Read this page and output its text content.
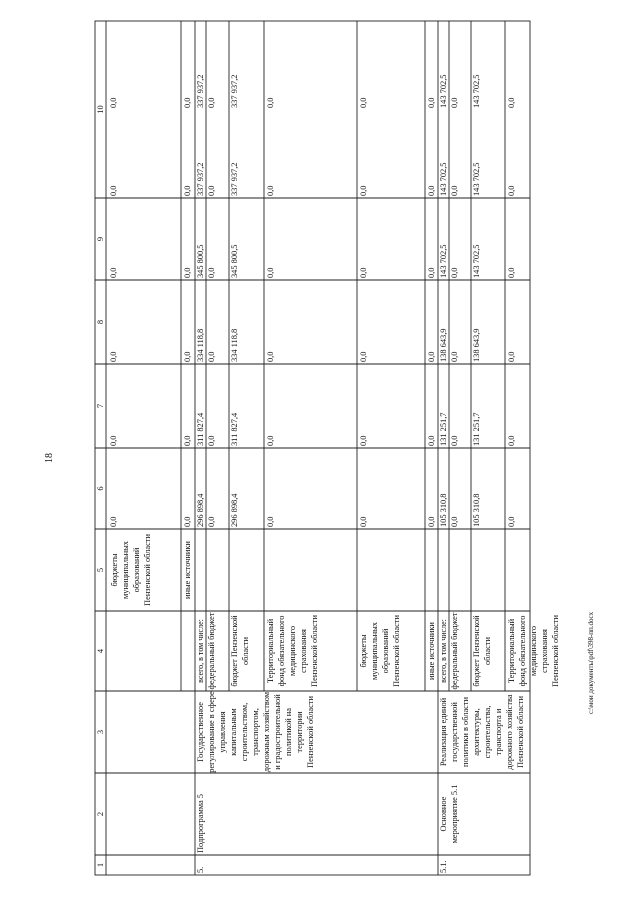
18
c:\мои документы\pdf\398-пп.docx
1
2
3
4
5
6
7
8
9
10
бюджеты муниципальных образований Пензенской области
0,0
0,0
0,0
0,0
0,0
0,0
иные источники
0,0
0,0
0,0
0,0
0,0
0,0
5.
Подпрограмма 5
Государственное регулирование в сфере управления капитальным строительством, транспортом, дорожным хозяйством и градостроительной политикой на территории Пензенской области
всего, в том числе:
296 898,4
311 827,4
334 118,8
345 800,5
337 937,2
337 937,2
федеральный бюджет
0,0
0,0
0,0
0,0
0,0
0,0
бюджет Пензенской области
296 898,4
311 827,4
334 118,8
345 800,5
337 937,2
337 937,2
Территориальный фонд обязательного медицинского страхования Пензенской области
0,0
0,0
0,0
0,0
0,0
0,0
бюджеты муниципальных образований Пензенской области
0,0
0,0
0,0
0,0
0,0
0,0
иные источники
0,0
0,0
0,0
0,0
0,0
0,0
5.1.
Основное мероприятие 5.1
Реализация единой государственной политики в области архитектуры, строительства, транспорта и дорожного хозяйства Пензенской области
всего, в том числе:
105 310,8
131 251,7
138 643,9
143 702,5
143 702,5
143 702,5
федеральный бюджет
0,0
0,0
0,0
0,0
0,0
0,0
бюджет Пензенской области
105 310,8
131 251,7
138 643,9
143 702,5
143 702,5
143 702,5
Территориальный фонд обязательного медицинского страхования Пензенской области
0,0
0,0
0,0
0,0
0,0
0,0
